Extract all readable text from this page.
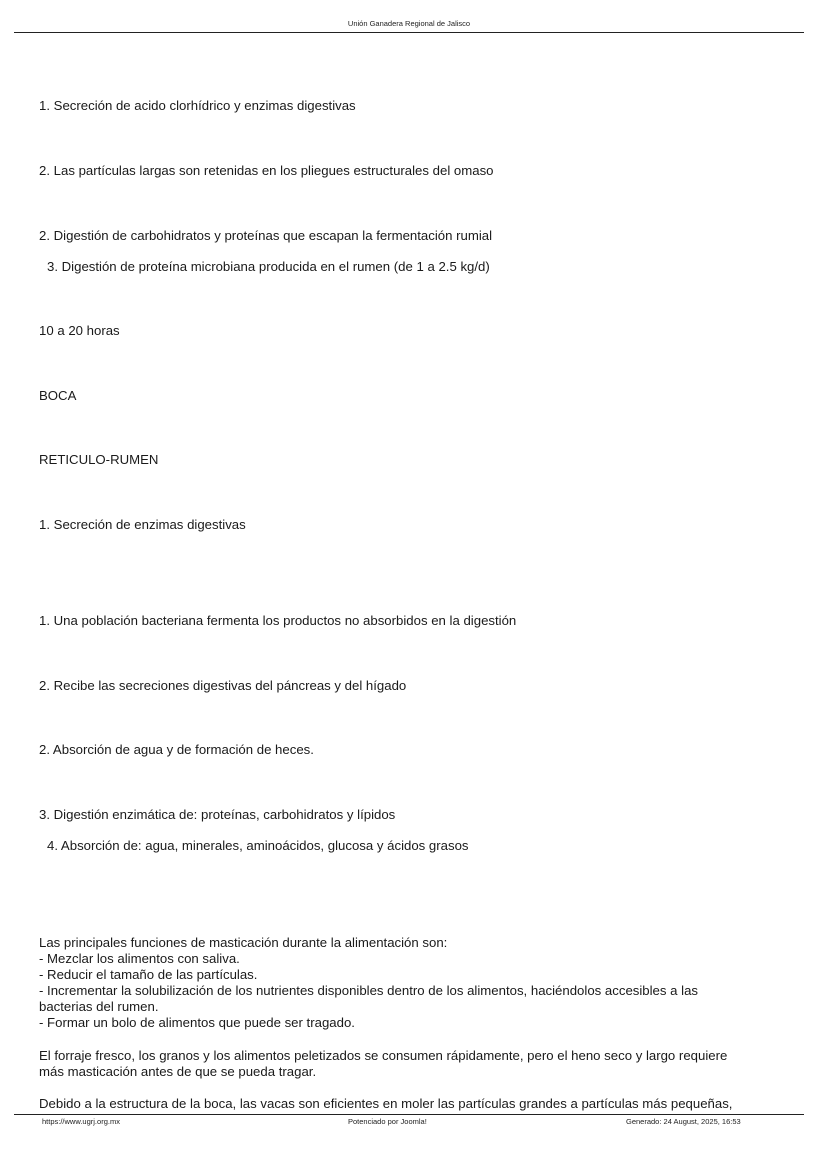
Unión Ganadera Regional de Jalisco
1. Secreción de acido clorhídrico y enzimas digestivas
2. Las partículas largas son retenidas en los pliegues estructurales del omaso
2. Digestión de carbohidratos y proteínas que escapan la fermentación rumial
3. Digestión de proteína microbiana producida en el rumen (de 1 a 2.5 kg/d)
10 a 20 horas
BOCA
RETICULO-RUMEN
1. Secreción de enzimas digestivas
1. Una población bacteriana fermenta los productos no absorbidos en la digestión
2. Recibe las secreciones digestivas del páncreas y del hígado
2. Absorción de agua y de formación de heces.
3. Digestión enzimática de: proteínas, carbohidratos y lípidos
4. Absorción de: agua, minerales, aminoácidos, glucosa y ácidos grasos
Las principales funciones de masticación durante la alimentación son:
- Mezclar los alimentos con saliva.
- Reducir el tamaño de las partículas.
- Incrementar la solubilización de los nutrientes disponibles dentro de los alimentos, haciéndolos accesibles a las
bacterias del rumen.
- Formar un bolo de alimentos que puede ser tragado.
El forraje fresco, los granos y los alimentos peletizados se consumen rápidamente, pero el heno seco y largo requiere
más masticación antes de que se pueda tragar.
Debido a la estructura de la boca, las vacas son eficientes en moler las partículas grandes a partículas más pequeñas,
https://www.ugrj.org.mx	Potenciado por Joomla!	Generado: 24 August, 2025, 16:53
